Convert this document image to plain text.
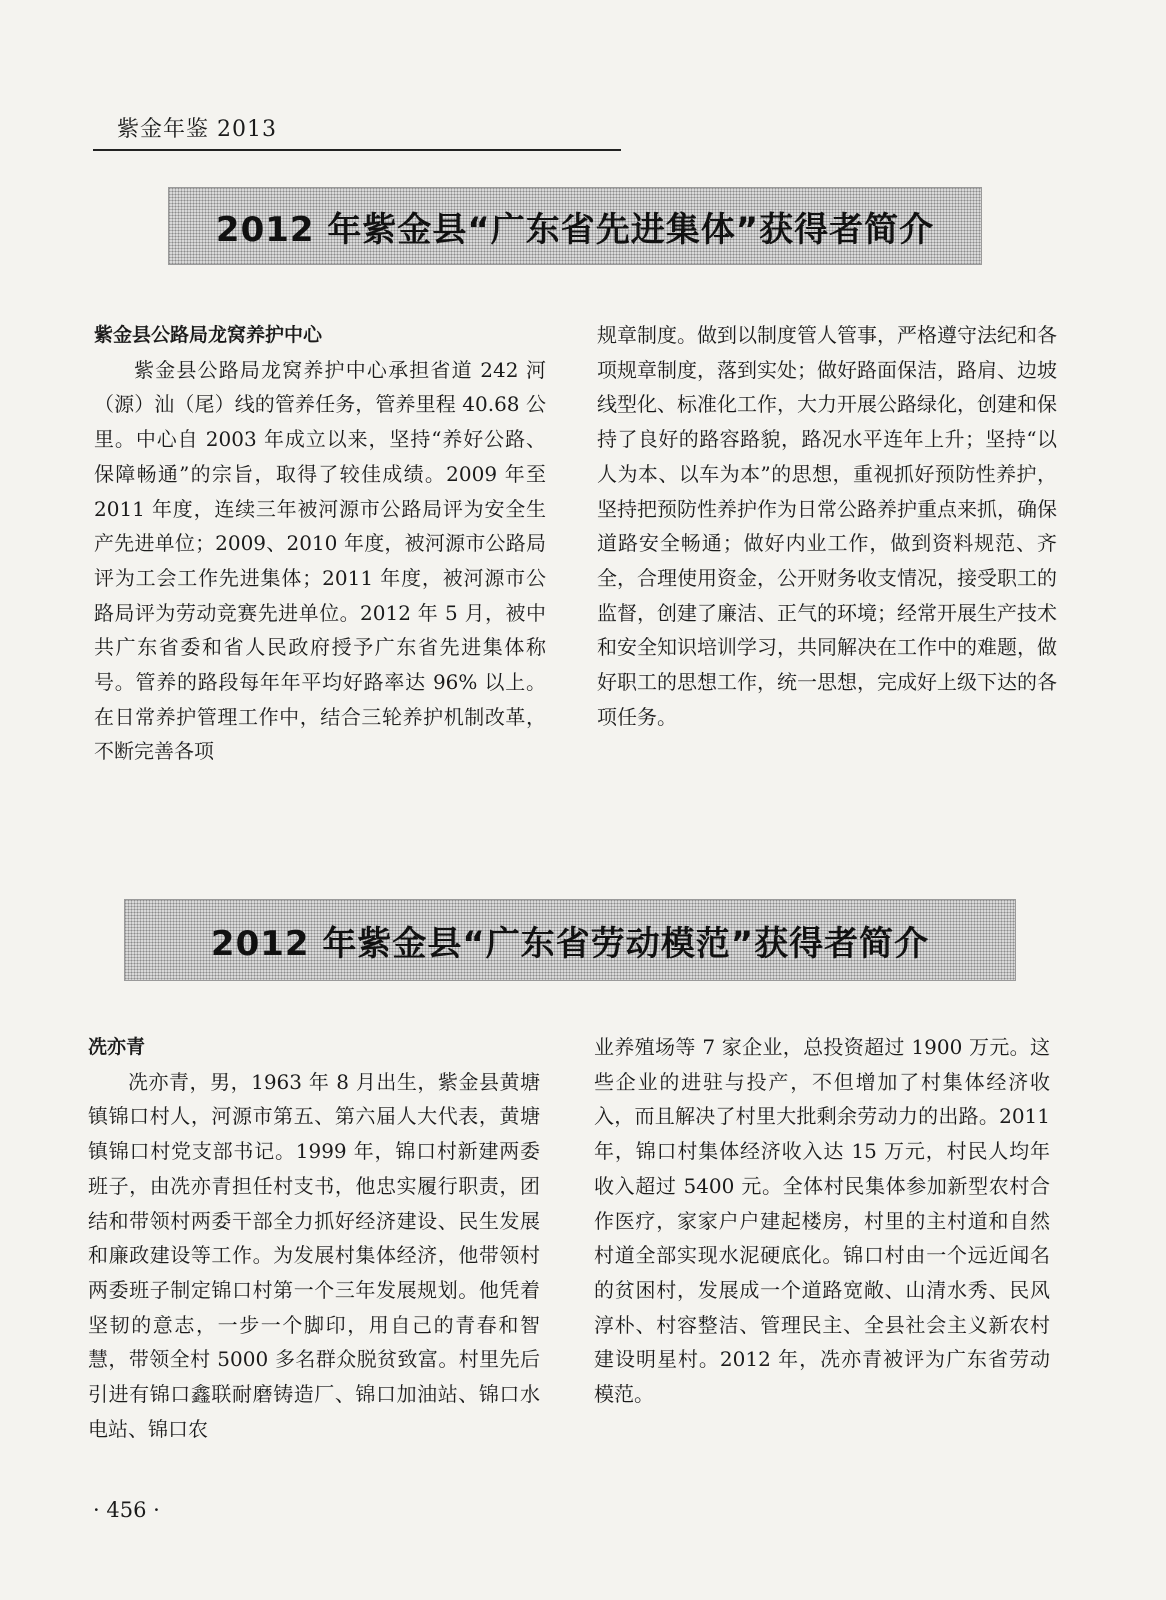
紫金年鉴 2013
2012 年紫金县“广东省先进集体”获得者简介

紫金县公路局龙窝养护中心

紫金县公路局龙窝养护中心承担省道 242 河（源）汕（尾）线的管养任务，管养里程 40.68 公里。中心自 2003 年成立以来，坚持“养好公路、保障畅通”的宗旨，取得了较佳成绩。2009 年至 2011 年度，连续三年被河源市公路局评为安全生产先进单位；2009、2010 年度，被河源市公路局评为工会工作先进集体；2011 年度，被河源市公路局评为劳动竞赛先进单位。2012 年 5 月，被中共广东省委和省人民政府授予广东省先进集体称号。管养的路段每年年平均好路率达 96% 以上。在日常养护管理工作中，结合三轮养护机制改革，不断完善各项

规章制度。做到以制度管人管事，严格遵守法纪和各项规章制度，落到实处；做好路面保洁，路肩、边坡线型化、标准化工作，大力开展公路绿化，创建和保持了良好的路容路貌，路况水平连年上升；坚持“以人为本、以车为本”的思想，重视抓好预防性养护，坚持把预防性养护作为日常公路养护重点来抓，确保道路安全畅通；做好内业工作，做到资料规范、齐全，合理使用资金，公开财务收支情况，接受职工的监督，创建了廉洁、正气的环境；经常开展生产技术和安全知识培训学习，共同解决在工作中的难题，做好职工的思想工作，统一思想，完成好上级下达的各项任务。

2012 年紫金县“广东省劳动模范”获得者简介

冼亦青

冼亦青，男，1963 年 8 月出生，紫金县黄塘镇锦口村人，河源市第五、第六届人大代表，黄塘镇锦口村党支部书记。1999 年，锦口村新建两委班子，由冼亦青担任村支书，他忠实履行职责，团结和带领村两委干部全力抓好经济建设、民生发展和廉政建设等工作。为发展村集体经济，他带领村两委班子制定锦口村第一个三年发展规划。他凭着坚韧的意志，一步一个脚印，用自己的青春和智慧，带领全村 5000 多名群众脱贫致富。村里先后引进有锦口鑫联耐磨铸造厂、锦口加油站、锦口水电站、锦口农

业养殖场等 7 家企业，总投资超过 1900 万元。这些企业的进驻与投产，不但增加了村集体经济收入，而且解决了村里大批剩余劳动力的出路。2011 年，锦口村集体经济收入达 15 万元，村民人均年收入超过 5400 元。全体村民集体参加新型农村合作医疗，家家户户建起楼房，村里的主村道和自然村道全部实现水泥硬底化。锦口村由一个远近闻名的贫困村，发展成一个道路宽敞、山清水秀、民风淳朴、村容整洁、管理民主、全县社会主义新农村建设明星村。2012 年，冼亦青被评为广东省劳动模范。

· 456 ·
